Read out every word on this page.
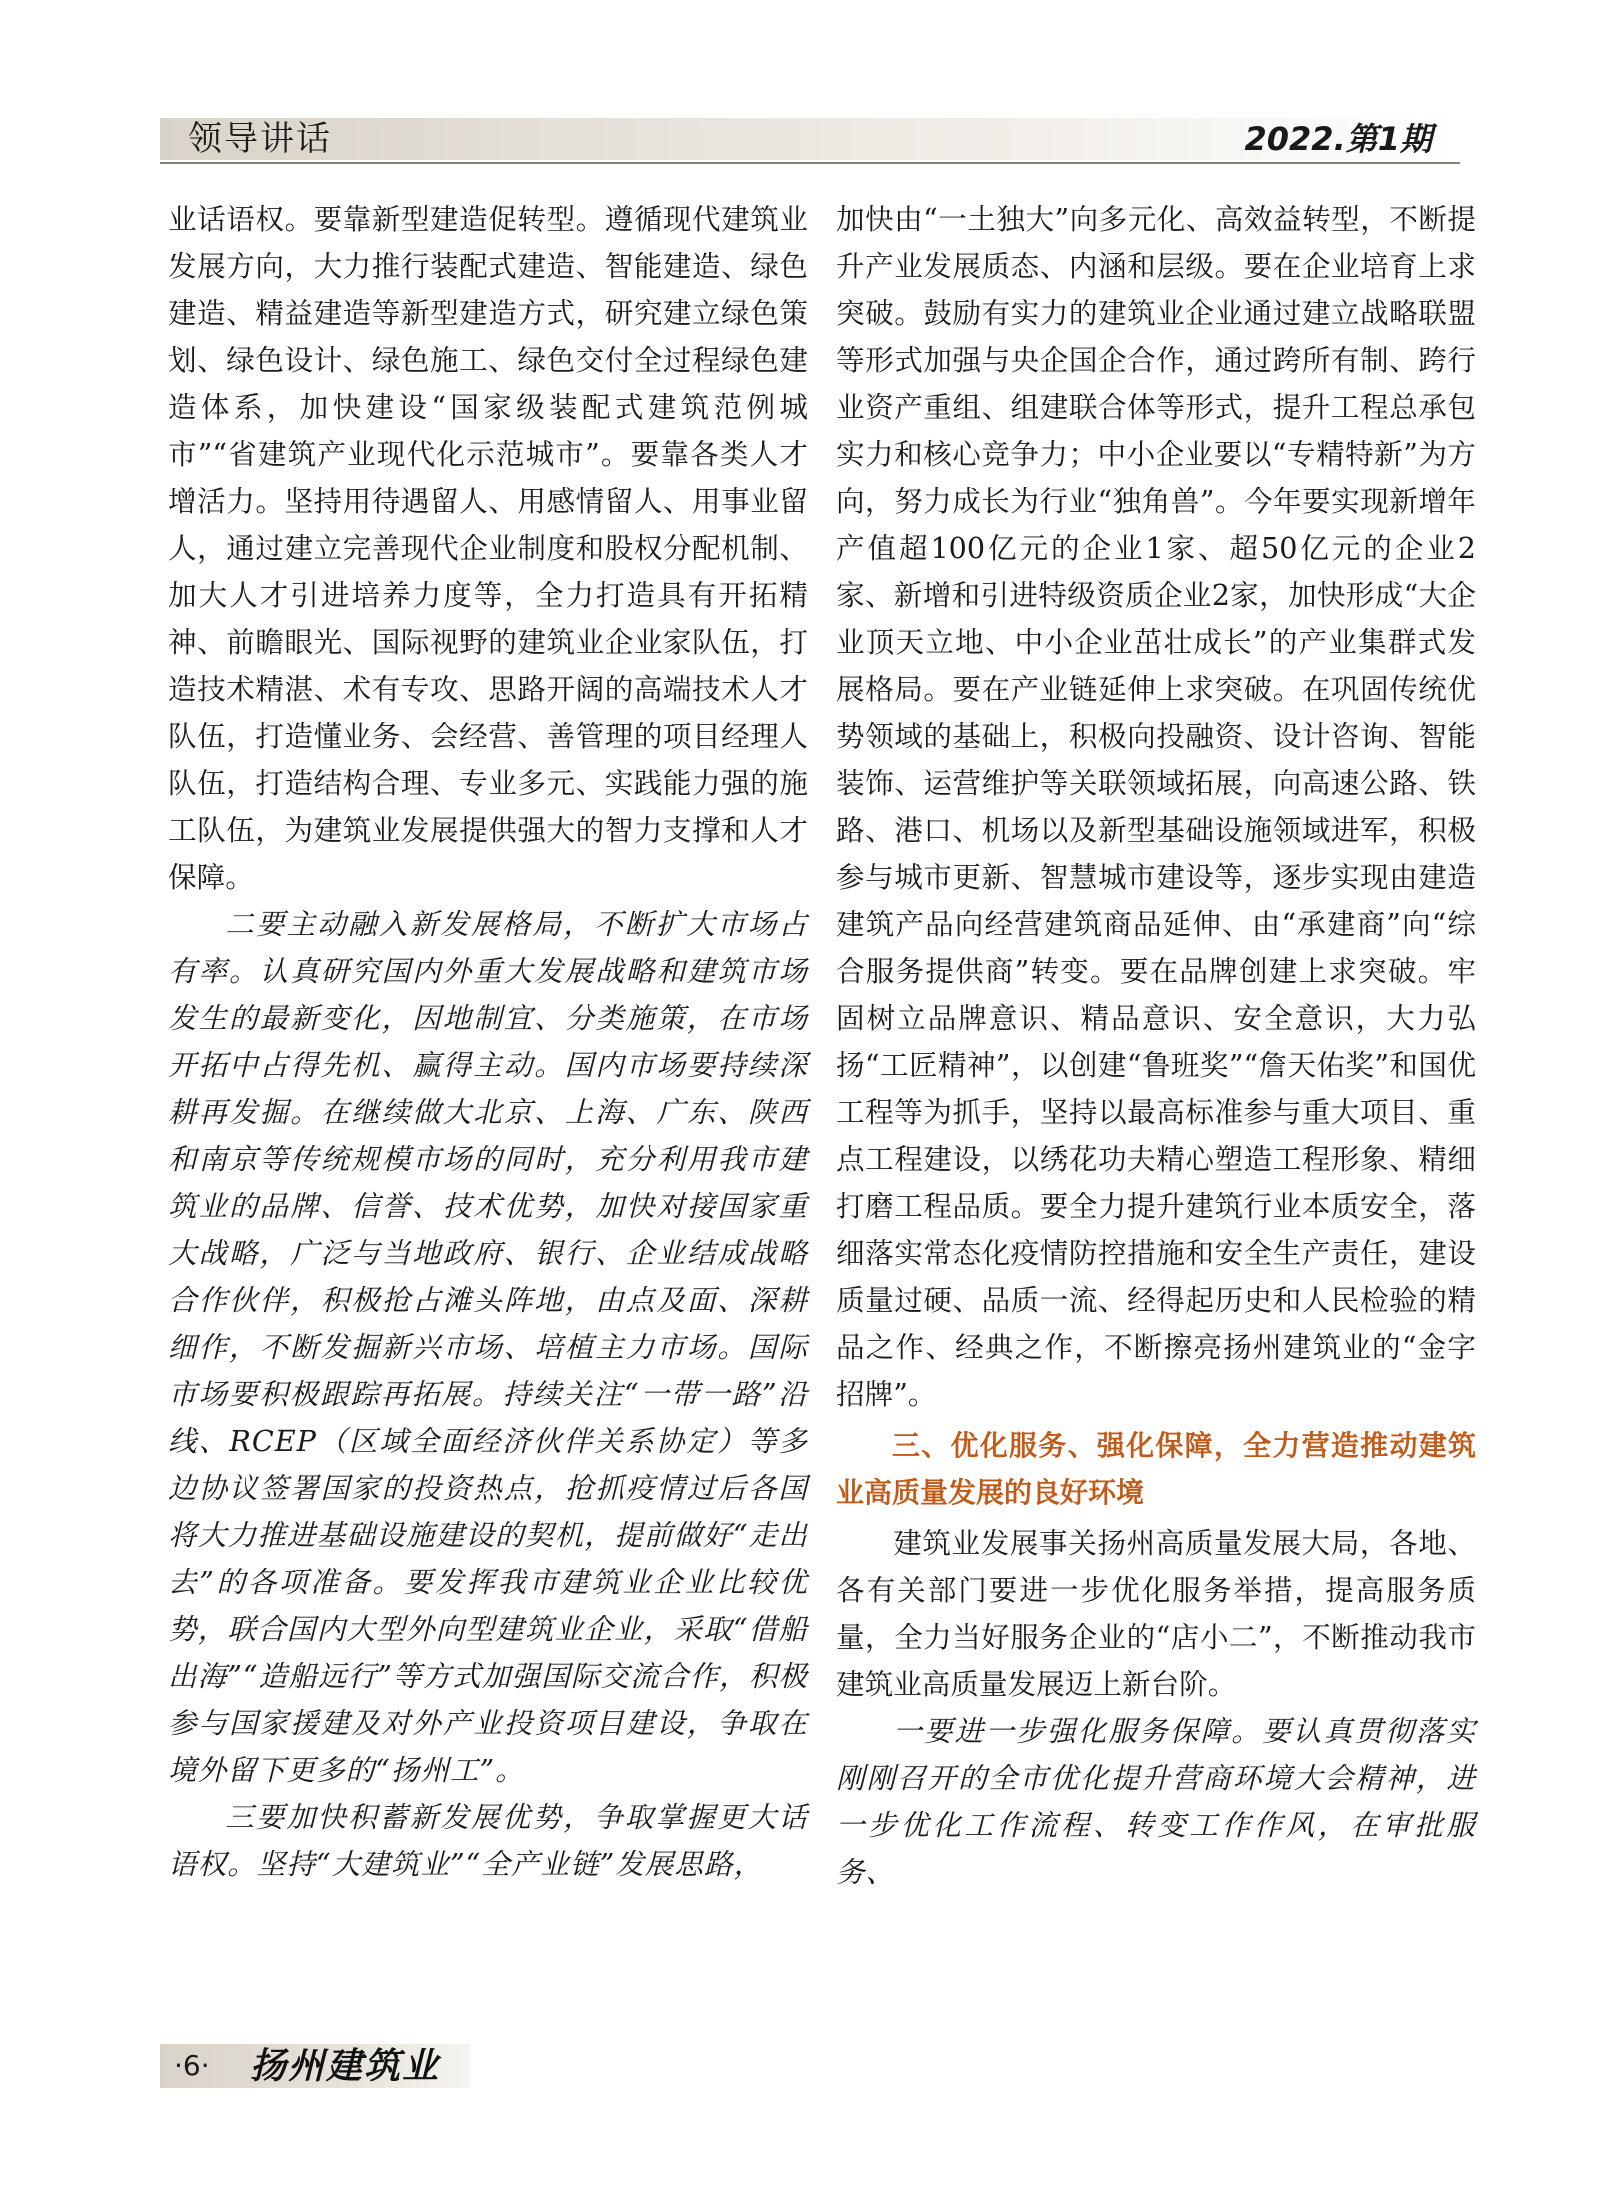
领导讲话	2022.第1期

业话语权。要靠新型建造促转型。遵循现代建筑业发展方向，大力推行装配式建造、智能建造、绿色建造、精益建造等新型建造方式，研究建立绿色策划、绿色设计、绿色施工、绿色交付全过程绿色建造体系，加快建设“国家级装配式建筑范例城市”“省建筑产业现代化示范城市”。要靠各类人才增活力。坚持用待遇留人、用感情留人、用事业留人，通过建立完善现代企业制度和股权分配机制、加大人才引进培养力度等，全力打造具有开拓精神、前瞻眼光、国际视野的建筑业企业家队伍，打造技术精湛、术有专攻、思路开阔的高端技术人才队伍，打造懂业务、会经营、善管理的项目经理人队伍，打造结构合理、专业多元、实践能力强的施工队伍，为建筑业发展提供强大的智力支撑和人才保障。

二要主动融入新发展格局，不断扩大市场占有率。认真研究国内外重大发展战略和建筑市场发生的最新变化，因地制宜、分类施策，在市场开拓中占得先机、赢得主动。国内市场要持续深耕再发掘。在继续做大北京、上海、广东、陕西和南京等传统规模市场的同时，充分利用我市建筑业的品牌、信誉、技术优势，加快对接国家重大战略，广泛与当地政府、银行、企业结成战略合作伙伴，积极抢占滩头阵地，由点及面、深耕细作，不断发掘新兴市场、培植主力市场。国际市场要积极跟踪再拓展。持续关注“一带一路”沿线、RCEP（区域全面经济伙伴关系协定）等多边协议签署国家的投资热点，抢抓疫情过后各国将大力推进基础设施建设的契机，提前做好“走出去”的各项准备。要发挥我市建筑业企业比较优势，联合国内大型外向型建筑业企业，采取“借船出海”“造船远行”等方式加强国际交流合作，积极参与国家援建及对外产业投资项目建设，争取在境外留下更多的“扬州工”。

三要加快积蓄新发展优势，争取掌握更大话语权。坚持“大建筑业”“全产业链”发展思路，

加快由“一土独大”向多元化、高效益转型，不断提升产业发展质态、内涵和层级。要在企业培育上求突破。鼓励有实力的建筑业企业通过建立战略联盟等形式加强与央企国企合作，通过跨所有制、跨行业资产重组、组建联合体等形式，提升工程总承包实力和核心竞争力；中小企业要以“专精特新”为方向，努力成长为行业“独角兽”。今年要实现新增年产值超100亿元的企业1家、超50亿元的企业2家、新增和引进特级资质企业2家，加快形成“大企业顶天立地、中小企业茁壮成长”的产业集群式发展格局。要在产业链延伸上求突破。在巩固传统优势领域的基础上，积极向投融资、设计咨询、智能装饰、运营维护等关联领域拓展，向高速公路、铁路、港口、机场以及新型基础设施领域进军，积极参与城市更新、智慧城市建设等，逐步实现由建造建筑产品向经营建筑商品延伸、由“承建商”向“综合服务提供商”转变。要在品牌创建上求突破。牢固树立品牌意识、精品意识、安全意识，大力弘扬“工匠精神”，以创建“鲁班奖”“詹天佑奖”和国优工程等为抓手，坚持以最高标准参与重大项目、重点工程建设，以绣花功夫精心塑造工程形象、精细打磨工程品质。要全力提升建筑行业本质安全，落细落实常态化疫情防控措施和安全生产责任，建设质量过硬、品质一流、经得起历史和人民检验的精品之作、经典之作，不断擦亮扬州建筑业的“金字招牌”。

三、优化服务、强化保障，全力营造推动建筑业高质量发展的良好环境

建筑业发展事关扬州高质量发展大局，各地、各有关部门要进一步优化服务举措，提高服务质量，全力当好服务企业的“店小二”，不断推动我市建筑业高质量发展迈上新台阶。

一要进一步强化服务保障。要认真贯彻落实刚刚召开的全市优化提升营商环境大会精神，进一步优化工作流程、转变工作作风，在审批服务、

·6· 扬州建筑业
